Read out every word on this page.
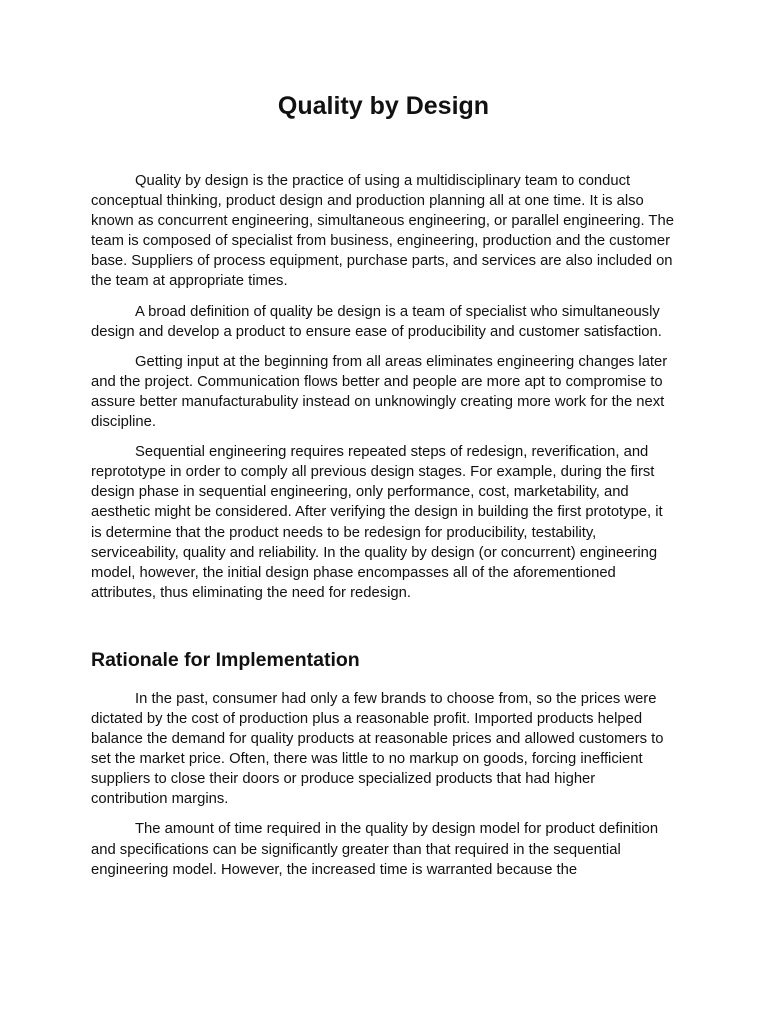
Quality by Design

Quality by design is the practice of using a multidisciplinary team to conduct conceptual thinking, product design and production planning all at one time. It is also known as concurrent engineering, simultaneous engineering, or parallel engineering. The team is composed of specialist from business, engineering, production and the customer base. Suppliers of process equipment, purchase parts, and services are also included on the team at appropriate times.

A broad definition of quality be design is a team of specialist who simultaneously design and develop a product to ensure ease of producibility and customer satisfaction.

Getting input at the beginning from all areas eliminates engineering changes later and the project. Communication flows better and people are more apt to compromise to assure better manufacturabulity instead on unknowingly creating more work for the next discipline.

Sequential engineering requires repeated steps of redesign, reverification, and reprototype in order to comply all previous design stages. For example, during the first design phase in sequential engineering, only performance, cost, marketability, and aesthetic might be considered. After verifying the design in building the first prototype, it is determine that the product needs to be redesign for producibility, testability, serviceability, quality and reliability. In the quality by design (or concurrent) engineering model, however, the initial design phase encompasses all of the aforementioned attributes, thus eliminating the need for redesign.

Rationale for Implementation

In the past, consumer had only a few brands to choose from, so the prices were dictated by the cost of production plus a reasonable profit. Imported products helped balance the demand for quality products at reasonable prices and allowed customers to set the market price. Often, there was little to no markup on goods, forcing inefficient suppliers to close their doors or produce specialized products that had higher contribution margins.

The amount of time required in the quality by design model for product definition and specifications can be significantly greater than that required in the sequential engineering model. However, the increased time is warranted because the
